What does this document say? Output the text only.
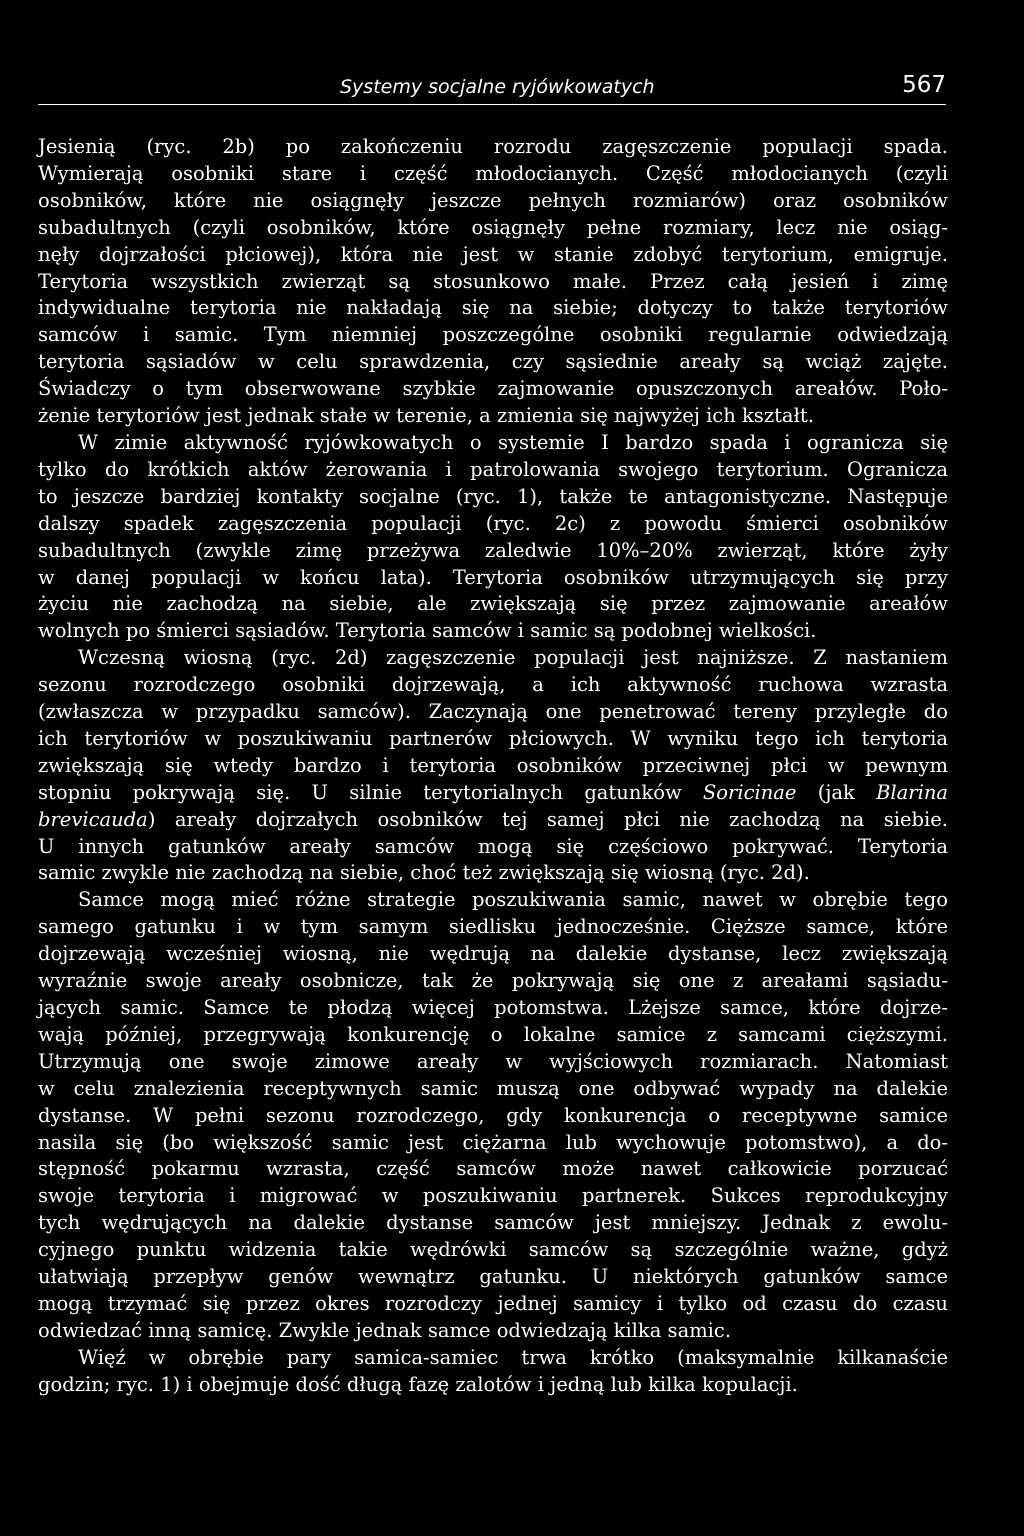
Systemy socjalne ryjówkowatych	567

Jesienią (ryc. 2b) po zakończeniu rozrodu zagęszczenie populacji spada.
Wymierają osobniki stare i część młodocianych. Część młodocianych (czyli
osobników, które nie osiągnęły jeszcze pełnych rozmiarów) oraz osobników
subadultnych (czyli osobników, które osiągnęły pełne rozmiary, lecz nie osiąg-
nęły dojrzałości płciowej), która nie jest w stanie zdobyć terytorium, emigruje.
Terytoria wszystkich zwierząt są stosunkowo małe. Przez całą jesień i zimę
indywidualne terytoria nie nakładają się na siebie; dotyczy to także terytoriów
samców i samic. Tym niemniej poszczególne osobniki regularnie odwiedzają
terytoria sąsiadów w celu sprawdzenia, czy sąsiednie areały są wciąż zajęte.
Świadczy o tym obserwowane szybkie zajmowanie opuszczonych areałów. Poło-
żenie terytoriów jest jednak stałe w terenie, a zmienia się najwyżej ich kształt.

W zimie aktywność ryjówkowatych o systemie I bardzo spada i ogranicza się
tylko do krótkich aktów żerowania i patrolowania swojego terytorium. Ogranicza
to jeszcze bardziej kontakty socjalne (ryc. 1), także te antagonistyczne. Następuje
dalszy spadek zagęszczenia populacji (ryc. 2c) z powodu śmierci osobników
subadultnych (zwykle zimę przeżywa zaledwie 10%–20% zwierząt, które żyły
w danej populacji w końcu lata). Terytoria osobników utrzymujących się przy
życiu nie zachodzą na siebie, ale zwiększają się przez zajmowanie areałów
wolnych po śmierci sąsiadów. Terytoria samców i samic są podobnej wielkości.

Wczesną wiosną (ryc. 2d) zagęszczenie populacji jest najniższe. Z nastaniem
sezonu rozrodczego osobniki dojrzewają, a ich aktywność ruchowa wzrasta
(zwłaszcza w przypadku samców). Zaczynają one penetrować tereny przyległe do
ich terytoriów w poszukiwaniu partnerów płciowych. W wyniku tego ich terytoria
zwiększają się wtedy bardzo i terytoria osobników przeciwnej płci w pewnym
stopniu pokrywają się. U silnie terytorialnych gatunków Soricinae (jak Blarina
brevicauda) areały dojrzałych osobników tej samej płci nie zachodzą na siebie.
U innych gatunków areały samców mogą się częściowo pokrywać. Terytoria
samic zwykle nie zachodzą na siebie, choć też zwiększają się wiosną (ryc. 2d).

Samce mogą mieć różne strategie poszukiwania samic, nawet w obrębie tego
samego gatunku i w tym samym siedlisku jednocześnie. Cięższe samce, które
dojrzewają wcześniej wiosną, nie wędrują na dalekie dystanse, lecz zwiększają
wyraźnie swoje areały osobnicze, tak że pokrywają się one z areałami sąsiadu-
jących samic. Samce te płodzą więcej potomstwa. Lżejsze samce, które dojrze-
wają później, przegrywają konkurencję o lokalne samice z samcami cięższymi.
Utrzymują one swoje zimowe areały w wyjściowych rozmiarach. Natomiast
w celu znalezienia receptywnych samic muszą one odbywać wypady na dalekie
dystanse. W pełni sezonu rozrodczego, gdy konkurencja o receptywne samice
nasila się (bo większość samic jest ciężarna lub wychowuje potomstwo), a do-
stępność pokarmu wzrasta, część samców może nawet całkowicie porzucać
swoje terytoria i migrować w poszukiwaniu partnerek. Sukces reprodukcyjny
tych wędrujących na dalekie dystanse samców jest mniejszy. Jednak z ewolu-
cyjnego punktu widzenia takie wędrówki samców są szczególnie ważne, gdyż
ułatwiają przepływ genów wewnątrz gatunku. U niektórych gatunków samce
mogą trzymać się przez okres rozrodczy jednej samicy i tylko od czasu do czasu
odwiedzać inną samicę. Zwykle jednak samce odwiedzają kilka samic.

Więź w obrębie pary samica-samiec trwa krótko (maksymalnie kilkanaście
godzin; ryc. 1) i obejmuje dość długą fazę zalotów i jedną lub kilka kopulacji.
